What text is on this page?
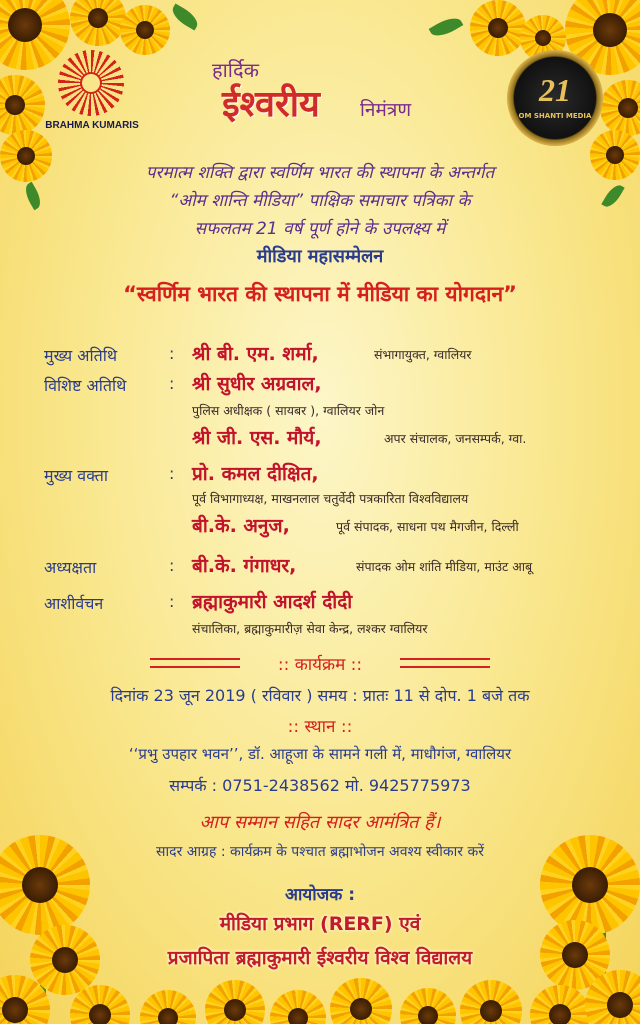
BRAHMA KUMARIS
21
OM SHANTI MEDIA
हार्दिक
ईश्वरीय निमंत्रण
परमात्म शक्ति द्वारा स्वर्णिम भारत की स्थापना के अन्तर्गत
“ओम शान्ति मीडिया” पाक्षिक समाचार पत्रिका के
सफलतम 21 वर्ष पूर्ण होने के उपलक्ष्य में
मीडिया महासम्मेलन
“स्वर्णिम भारत की स्थापना में मीडिया का योगदान”
मुख्य अतिथि	: श्री बी. एम. शर्मा,	संभागायुक्त, ग्वालियर
विशिष्ट अतिथि	: श्री सुधीर अग्रवाल,
पुलिस अधीक्षक ( सायबर ), ग्वालियर जोन
श्री जी. एस. मौर्य,	अपर संचालक, जनसम्पर्क, ग्वा.
मुख्य वक्ता	: प्रो. कमल दीक्षित,
पूर्व विभागाध्यक्ष, माखनलाल चतुर्वेदी पत्रकारिता विश्वविद्यालय
बी.के. अनुज,	पूर्व संपादक, साधना पथ मैगजीन, दिल्ली
अध्यक्षता	: बी.के. गंगाधर,	संपादक ओम शांति मीडिया, माउंट आबू
आशीर्वचन	: ब्रह्माकुमारी आदर्श दीदी
संचालिका, ब्रह्माकुमारीज़ सेवा केन्द्र, लश्कर ग्वालियर
:: कार्यक्रम ::
दिनांक 23 जून 2019 ( रविवार ) समय : प्रातः 11 से दोप. 1 बजे तक
:: स्थान ::
‘‘प्रभु उपहार भवन’’, डॉ. आहूजा के सामने गली में, माधौगंज, ग्वालियर
सम्पर्क : 0751-2438562 मो. 9425775973
आप सम्मान सहित सादर आमंत्रित हैं।
सादर आग्रह : कार्यक्रम के पश्चात ब्रह्माभोजन अवश्य स्वीकार करें
आयोजक :
मीडिया प्रभाग (RERF) एवं
प्रजापिता ब्रह्माकुमारी ईश्वरीय विश्व विद्यालय
